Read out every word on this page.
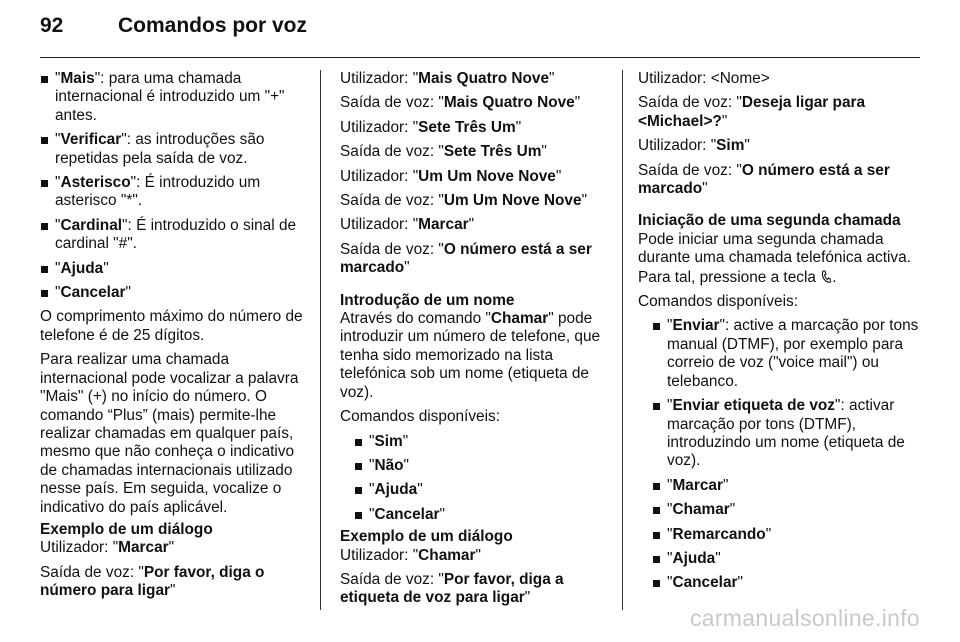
92	Comandos por voz
"Mais": para uma chamada internacional é introduzido um "+" antes.
"Verificar": as introduções são repetidas pela saída de voz.
"Asterisco": É introduzido um asterisco "*".
"Cardinal": É introduzido o sinal de cardinal "#".
"Ajuda"
"Cancelar"

O comprimento máximo do número de telefone é de 25 dígitos.

Para realizar uma chamada internacional pode vocalizar a palavra "Mais" (+) no início do número. O comando “Plus” (mais) permite-lhe realizar chamadas em qualquer país, mesmo que não conheça o indicativo de chamadas internacionais utilizado nesse país. Em seguida, vocalize o indicativo do país aplicável.

Exemplo de um diálogo

Utilizador: "Marcar"

Saída de voz: "Por favor, diga o número para ligar"

Utilizador: "Mais Quatro Nove"

Saída de voz: "Mais Quatro Nove"

Utilizador: "Sete Três Um"

Saída de voz: "Sete Três Um"

Utilizador: "Um Um Nove Nove"

Saída de voz: "Um Um Nove Nove"

Utilizador: "Marcar"

Saída de voz: "O número está a ser marcado"

Introdução de um nome

Através do comando "Chamar" pode introduzir um número de telefone, que tenha sido memorizado na lista telefónica sob um nome (etiqueta de voz).

Comandos disponíveis:

"Sim"
"Não"
"Ajuda"
"Cancelar"
Exemplo de um diálogo

Utilizador: "Chamar"

Saída de voz: "Por favor, diga a etiqueta de voz para ligar"

Utilizador: <Nome>

Saída de voz: "Deseja ligar para <Michael>?"

Utilizador: "Sim"

Saída de voz: "O número está a ser marcado"

Iniciação de uma segunda chamada

Pode iniciar uma segunda chamada durante uma chamada telefónica activa. Para tal, pressione a tecla .

Comandos disponíveis:

"Enviar": active a marcação por tons manual (DTMF), por exemplo para correio de voz ("voice mail") ou telebanco.
"Enviar etiqueta de voz": activar marcação por tons (DTMF), introduzindo um nome (etiqueta de voz).
"Marcar"
"Chamar"
"Remarcando"
"Ajuda"
"Cancelar"
carmanualsonline.info
